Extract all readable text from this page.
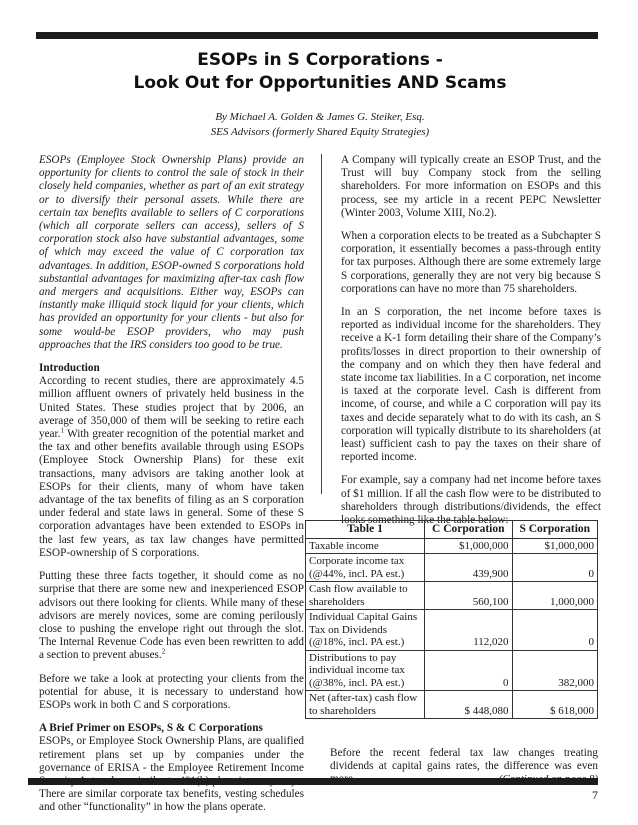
ESOPs in S Corporations -
Look Out for Opportunities AND Scams
By Michael A. Golden & James G. Steiker, Esq.
SES Advisors (formerly Shared Equity Strategies)

ESOPs (Employee Stock Ownership Plans) provide an opportunity for clients to control the sale of stock in their closely held companies, whether as part of an exit strategy or to diversify their personal assets. While there are certain tax benefits available to sellers of C corporations (which all corporate sellers can access), sellers of S corporation stock also have substantial advantages, some of which may exceed the value of C corporation tax advantages. In addition, ESOP-owned S corporations hold substantial advantages for maximizing after-tax cash flow and mergers and acquisitions. Either way, ESOPs can instantly make illiquid stock liquid for your clients, which has provided an opportunity for your clients - but also for some would-be ESOP providers, who may push approaches that the IRS considers too good to be true.

Introduction

According to recent studies, there are approximately 4.5 million affluent owners of privately held business in the United States. These studies project that by 2006, an average of 350,000 of them will be seeking to retire each year.$^1$ With greater recognition of the potential market and the tax and other benefits available through using ESOPs (Employee Stock Ownership Plans) for these exit transactions, many advisors are taking another look at ESOPs for their clients, many of whom have taken advantage of the tax benefits of filing as an S corporation under federal and state laws in general. Some of these S corporation advantages have been extended to ESOPs in the last few years, as tax law changes have permitted ESOP-ownership of S corporations.

Putting these three facts together, it should come as no surprise that there are some new and inexperienced ESOP advisors out there looking for clients. While many of these advisors are merely novices, some are coming perilously close to pushing the envelope right out through the slot. The Internal Revenue Code has even been rewritten to add a section to prevent abuses.$^2$

Before we take a look at protecting your clients from the potential for abuse, it is necessary to understand how ESOPs work in both C and S corporations.

A Brief Primer on ESOPs, S & C Corporations

ESOPs, or Employee Stock Ownership Plans, are qualified retirement plans set up by companies under the governance of ERISA - the Employee Retirement Income There are similar corporate tax benefits, vesting schedules and other “functionality” in how the plans operate.

A Company will typically create an ESOP Trust, and the Trust will buy Company stock from the selling shareholders. For more information on ESOPs and this process, see my article in a recent PEPC Newsletter (Winter 2003, Volume XIII, No.2).

When a corporation elects to be treated as a Subchapter S corporation, it essentially becomes a pass-through entity for tax purposes. Although there are some extremely large S corporations, generally they are not very big because S corporations can have no more than 75 shareholders.

In an S corporation, the net income before taxes is reported as individual income for the shareholders. They receive a K-1 form detailing their share of the Company’s profits/losses in direct proportion to their ownership of the company and on which they then have federal and state income tax liabilities. In a C corporation, net income is taxed at the corporate level. Cash is different from income, of course, and while a C corporation will pay its taxes and decide separately what to do with its cash, an S corporation will typically distribute to its shareholders (at least) sufficient cash to pay the taxes on their share of reported income.

For example, say a company had net income before taxes of $1 million. If all the cash flow were to be distributed to shareholders through distributions/dividends, the effect looks something like the table below:

Table 1	C Corporation	S Corporation
Taxable income	$1,000,000	$1,000,000
Corporate income tax (@44%, incl. PA est.)	439,900	0
Cash flow available to shareholders	560,100	1,000,000
Individual Capital Gains Tax on Dividends (@18%, incl. PA est.)	112,020	0
Distributions to pay individual income tax (@38%, incl. PA est.)	0	382,000
Net (after-tax) cash flow to shareholders	$ 448,080	$ 618,000
Before the recent federal tax law changes treating dividends at capital gains rates, the difference was even
7
